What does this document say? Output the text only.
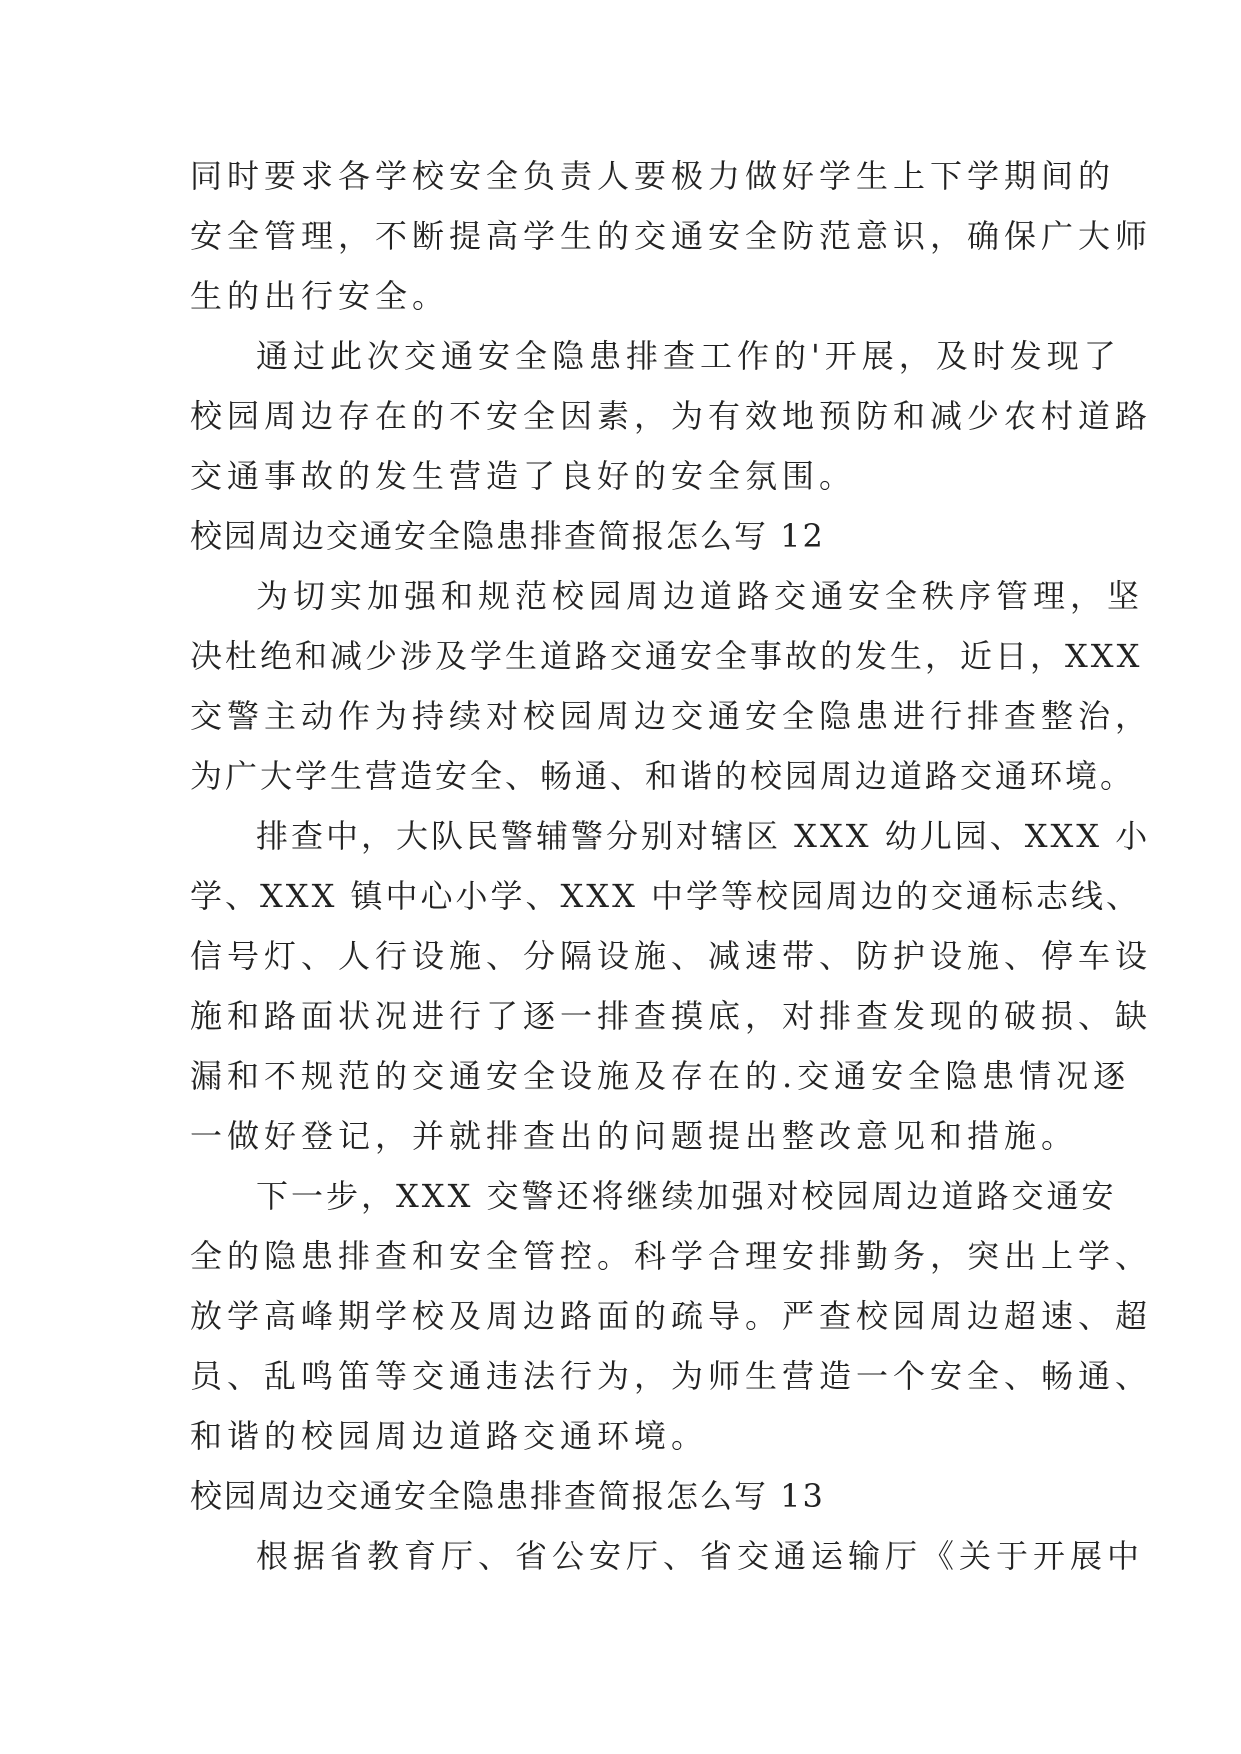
同时要求各学校安全负责人要极力做好学生上下学期间的
安全管理，不断提高学生的交通安全防范意识，确保广大师
生的出行安全。
通过此次交通安全隐患排查工作的'开展，及时发现了
校园周边存在的不安全因素，为有效地预防和减少农村道路
交通事故的发生营造了良好的安全氛围。
校园周边交通安全隐患排查简报怎么写 12
为切实加强和规范校园周边道路交通安全秩序管理，坚
决杜绝和减少涉及学生道路交通安全事故的发生，近日，XXX
交警主动作为持续对校园周边交通安全隐患进行排查整治，
为广大学生营造安全、畅通、和谐的校园周边道路交通环境。
排查中，大队民警辅警分别对辖区 XXX 幼儿园、XXX 小
学、XXX 镇中心小学、XXX 中学等校园周边的交通标志线、
信号灯、人行设施、分隔设施、减速带、防护设施、停车设
施和路面状况进行了逐一排查摸底，对排查发现的破损、缺
漏和不规范的交通安全设施及存在的.交通安全隐患情况逐
一做好登记，并就排查出的问题提出整改意见和措施。
下一步，XXX 交警还将继续加强对校园周边道路交通安
全的隐患排查和安全管控。科学合理安排勤务，突出上学、
放学高峰期学校及周边路面的疏导。严查校园周边超速、超
员、乱鸣笛等交通违法行为，为师生营造一个安全、畅通、
和谐的校园周边道路交通环境。
校园周边交通安全隐患排查简报怎么写 13
根据省教育厅、省公安厅、省交通运输厅《关于开展中
